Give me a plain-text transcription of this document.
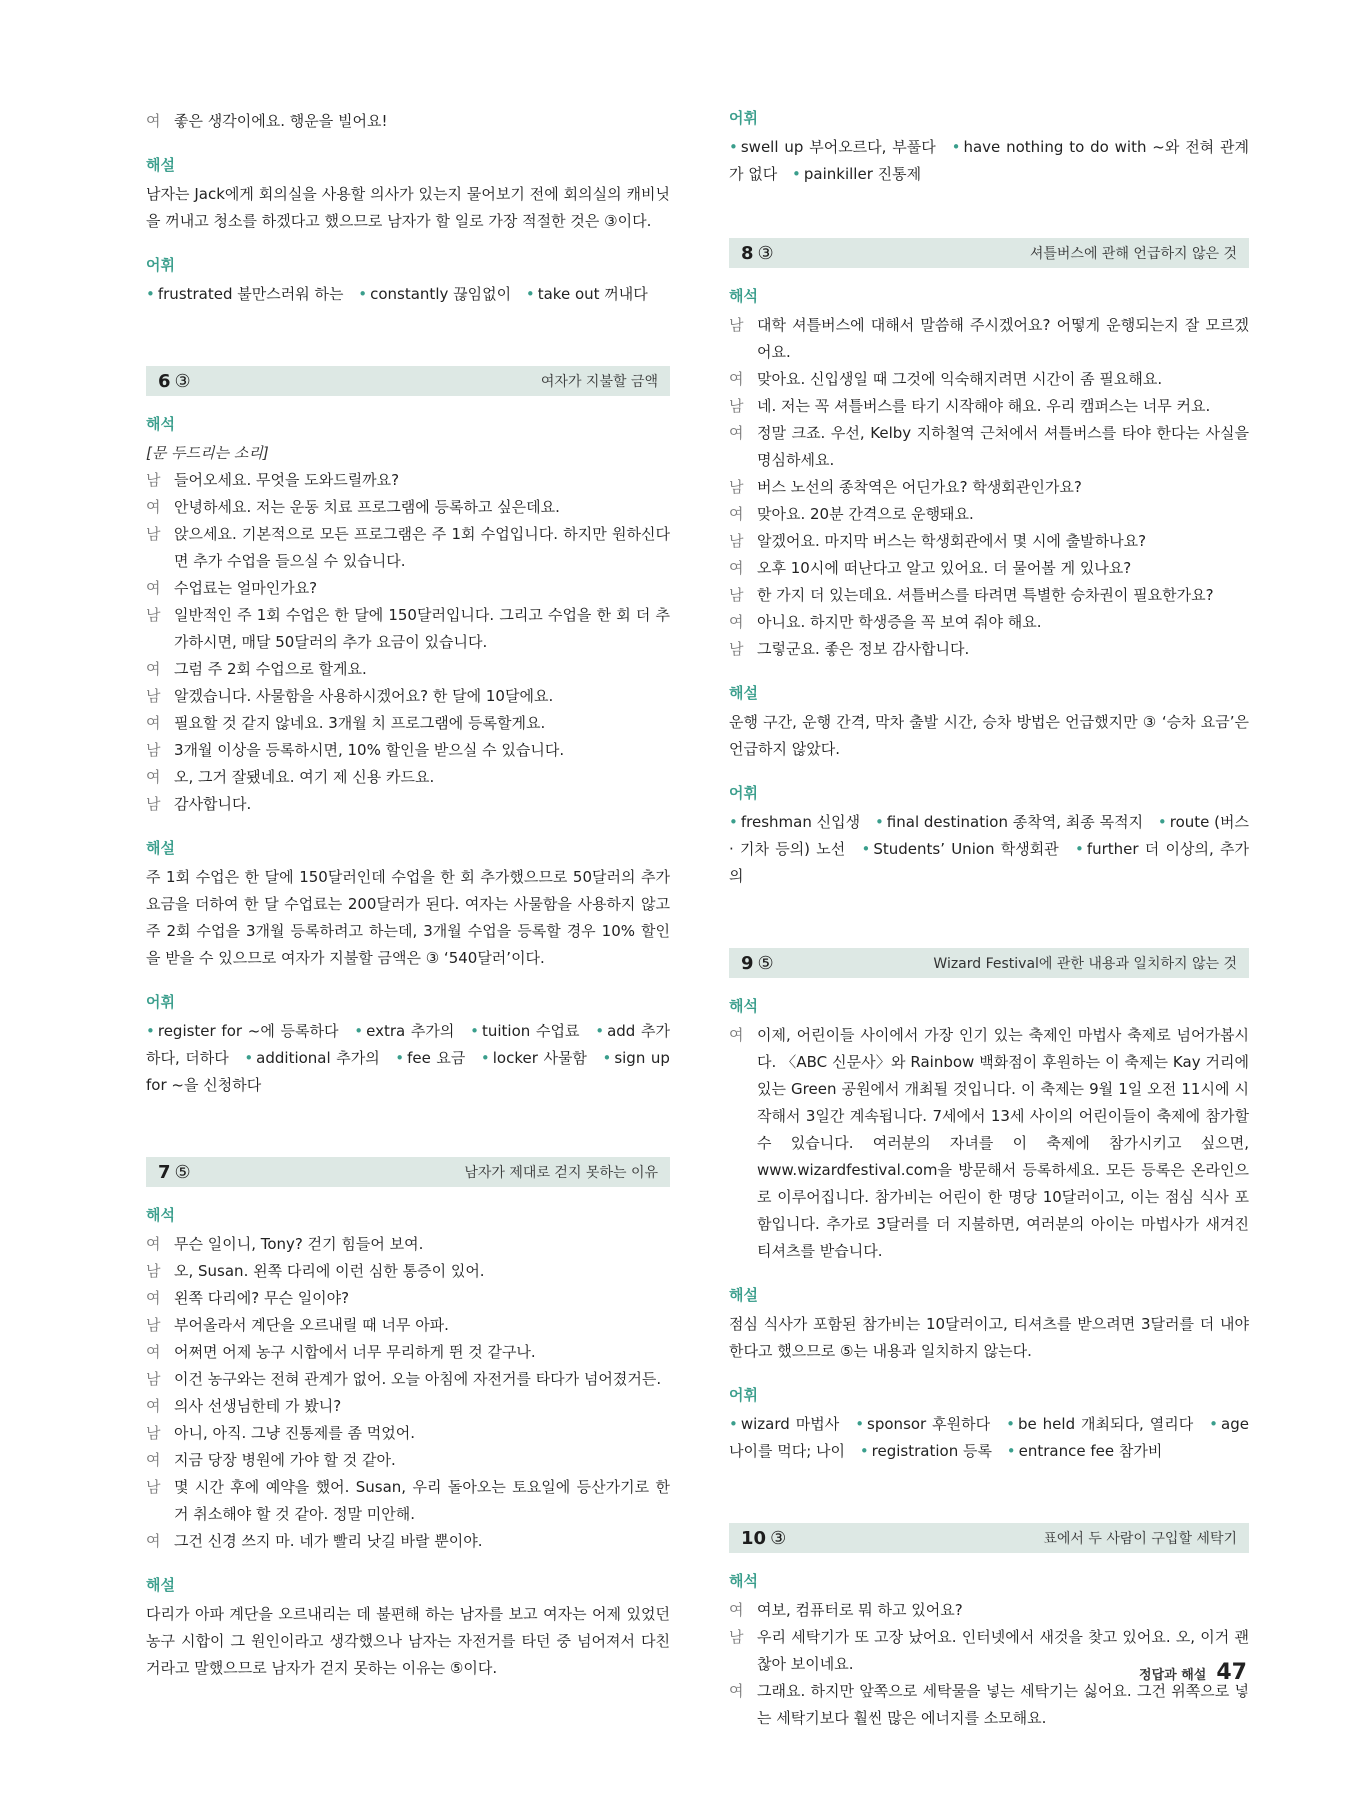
여 좋은 생각이에요. 행운을 빌어요!
해설

남자는 Jack에게 회의실을 사용할 의사가 있는지 물어보기 전에 회의실의 캐비닛을 꺼내고 청소를 하겠다고 했으므로 남자가 할 일로 가장 적절한 것은 ③이다.

어휘

• frustrated 불만스러워 하는 • constantly 끊임없이 • take out 꺼내다

6 ③	여자가 지불할 금액
해석

[문 두드리는 소리]

남 들어오세요. 무엇을 도와드릴까요?
여 안녕하세요. 저는 운동 치료 프로그램에 등록하고 싶은데요.
남 앉으세요. 기본적으로 모든 프로그램은 주 1회 수업입니다. 하지만 원하신다면 추가 수업을 들으실 수 있습니다.
여 수업료는 얼마인가요?
남 일반적인 주 1회 수업은 한 달에 150달러입니다. 그리고 수업을 한 회 더 추가하시면, 매달 50달러의 추가 요금이 있습니다.
여 그럼 주 2회 수업으로 할게요.
남 알겠습니다. 사물함을 사용하시겠어요? 한 달에 10달에요.
여 필요할 것 같지 않네요. 3개월 치 프로그램에 등록할게요.
남 3개월 이상을 등록하시면, 10% 할인을 받으실 수 있습니다.
여 오, 그거 잘됐네요. 여기 제 신용 카드요.
남 감사합니다.
해설

주 1회 수업은 한 달에 150달러인데 수업을 한 회 추가했으므로 50달러의 추가 요금을 더하여 한 달 수업료는 200달러가 된다. 여자는 사물함을 사용하지 않고 주 2회 수업을 3개월 등록하려고 하는데, 3개월 수업을 등록할 경우 10% 할인을 받을 수 있으므로 여자가 지불할 금액은 ③ ‘540달러’이다.

어휘

• register for ~에 등록하다 • extra 추가의 • tuition 수업료 • add 추가하다, 더하다 • additional 추가의 • fee 요금 • locker 사물함 • sign up for ~을 신청하다

7 ⑤	남자가 제대로 걷지 못하는 이유
해석
여 무슨 일이니, Tony? 걷기 힘들어 보여.
남 오, Susan. 왼쪽 다리에 이런 심한 통증이 있어.
여 왼쪽 다리에? 무슨 일이야?
남 부어올라서 계단을 오르내릴 때 너무 아파.
여 어쩌면 어제 농구 시합에서 너무 무리하게 뛴 것 같구나.
남 이건 농구와는 전혀 관계가 없어. 오늘 아침에 자전거를 타다가 넘어졌거든.
여 의사 선생님한테 가 봤니?
남 아니, 아직. 그냥 진통제를 좀 먹었어.
여 지금 당장 병원에 가야 할 것 같아.
남 몇 시간 후에 예약을 했어. Susan, 우리 돌아오는 토요일에 등산가기로 한 거 취소해야 할 것 같아. 정말 미안해.
여 그건 신경 쓰지 마. 네가 빨리 낫길 바랄 뿐이야.
해설

다리가 아파 계단을 오르내리는 데 불편해 하는 남자를 보고 여자는 어제 있었던 농구 시합이 그 원인이라고 생각했으나 남자는 자전거를 타던 중 넘어져서 다친 거라고 말했으므로 남자가 걷지 못하는 이유는 ⑤이다.

어휘

• swell up 부어오르다, 부풀다 • have nothing to do with ~와 전혀 관계가 없다 • painkiller 진통제

8 ③	셔틀버스에 관해 언급하지 않은 것
해석
남 대학 셔틀버스에 대해서 말씀해 주시겠어요? 어떻게 운행되는지 잘 모르겠어요.
여 맞아요. 신입생일 때 그것에 익숙해지려면 시간이 좀 필요해요.
남 네. 저는 꼭 셔틀버스를 타기 시작해야 해요. 우리 캠퍼스는 너무 커요.
여 정말 크죠. 우선, Kelby 지하철역 근처에서 셔틀버스를 타야 한다는 사실을 명심하세요.
남 버스 노선의 종착역은 어딘가요? 학생회관인가요?
여 맞아요. 20분 간격으로 운행돼요.
남 알겠어요. 마지막 버스는 학생회관에서 몇 시에 출발하나요?
여 오후 10시에 떠난다고 알고 있어요. 더 물어볼 게 있나요?
남 한 가지 더 있는데요. 셔틀버스를 타려면 특별한 승차권이 필요한가요?
여 아니요. 하지만 학생증을 꼭 보여 줘야 해요.
남 그렇군요. 좋은 정보 감사합니다.
해설

운행 구간, 운행 간격, 막차 출발 시간, 승차 방법은 언급했지만 ③ ‘승차 요금’은 언급하지 않았다.

어휘

• freshman 신입생 • final destination 종착역, 최종 목적지 • route (버스 · 기차 등의) 노선 • Students’ Union 학생회관 • further 더 이상의, 추가의

9 ⑤	Wizard Festival에 관한 내용과 일치하지 않는 것
해석
여 이제, 어린이들 사이에서 가장 인기 있는 축제인 마법사 축제로 넘어가봅시다. 〈ABC 신문사〉와 Rainbow 백화점이 후원하는 이 축제는 Kay 거리에 있는 Green 공원에서 개최될 것입니다. 이 축제는 9월 1일 오전 11시에 시작해서 3일간 계속됩니다. 7세에서 13세 사이의 어린이들이 축제에 참가할 수 있습니다. 여러분의 자녀를 이 축제에 참가시키고 싶으면, www.wizardfestival.com을 방문해서 등록하세요. 모든 등록은 온라인으로 이루어집니다. 참가비는 어린이 한 명당 10달러이고, 이는 점심 식사 포함입니다. 추가로 3달러를 더 지불하면, 여러분의 아이는 마법사가 새겨진 티셔츠를 받습니다.
해설

점심 식사가 포함된 참가비는 10달러이고, 티셔츠를 받으려면 3달러를 더 내야 한다고 했으므로 ⑤는 내용과 일치하지 않는다.

어휘

• wizard 마법사 • sponsor 후원하다 • be held 개최되다, 열리다 • age 나이를 먹다; 나이 • registration 등록 • entrance fee 참가비

10 ③	표에서 두 사람이 구입할 세탁기
해석
여 여보, 컴퓨터로 뭐 하고 있어요?
남 우리 세탁기가 또 고장 났어요. 인터넷에서 새것을 찾고 있어요. 오, 이거 괜찮아 보이네요.
여 그래요. 하지만 앞쪽으로 세탁물을 넣는 세탁기는 싫어요. 그건 위쪽으로 넣는 세탁기보다 훨씬 많은 에너지를 소모해요.
정답과 해설 47
